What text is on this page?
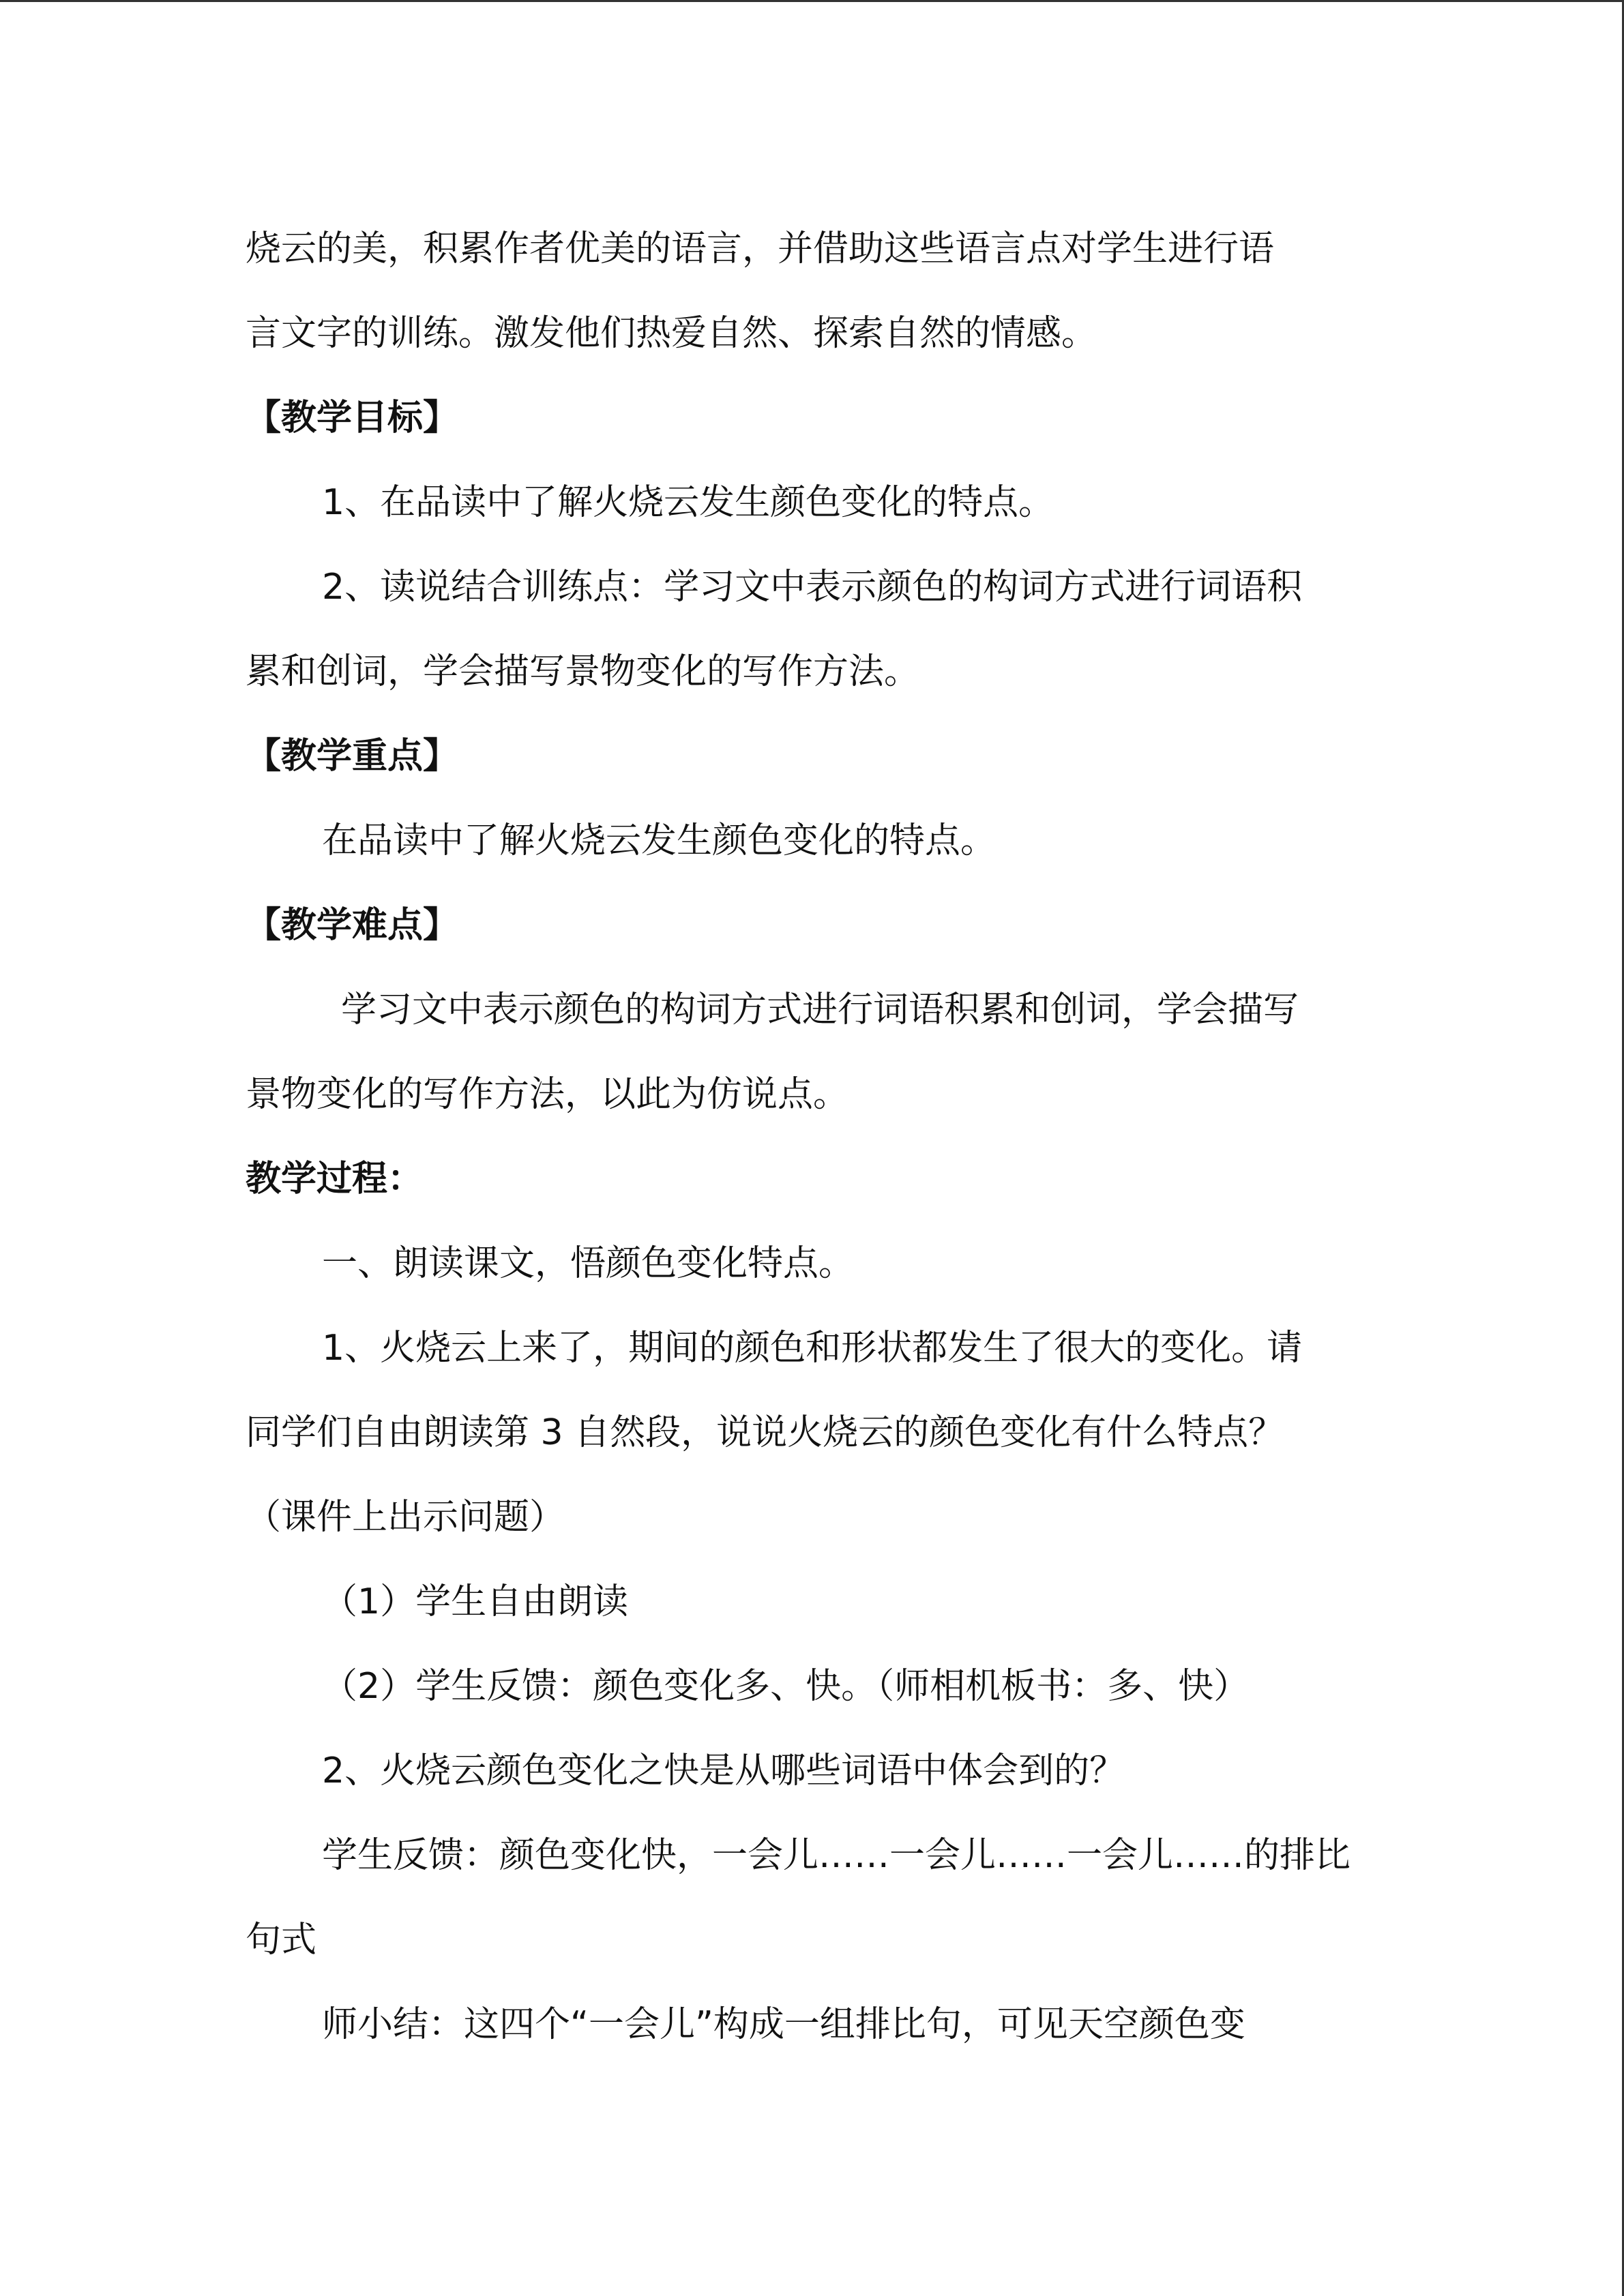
烧云的美，积累作者优美的语言，并借助这些语言点对学生进行语
言文字的训练。激发他们热爱自然、探索自然的情感。
【教学目标】
1、在品读中了解火烧云发生颜色变化的特点。
2、读说结合训练点：学习文中表示颜色的构词方式进行词语积
累和创词，学会描写景物变化的写作方法。
【教学重点】
在品读中了解火烧云发生颜色变化的特点。
【教学难点】
学习文中表示颜色的构词方式进行词语积累和创词，学会描写
景物变化的写作方法，以此为仿说点。
教学过程：
一、朗读课文，悟颜色变化特点。
1、火烧云上来了，期间的颜色和形状都发生了很大的变化。请
同学们自由朗读第 3 自然段，说说火烧云的颜色变化有什么特点？
（课件上出示问题）
（1）学生自由朗读
（2）学生反馈：颜色变化多、快。（师相机板书：多、快）
2、火烧云颜色变化之快是从哪些词语中体会到的？
学生反馈：颜色变化快，一会儿……一会儿……一会儿……的排比
句式
师小结：这四个“一会儿”构成一组排比句，可见天空颜色变
